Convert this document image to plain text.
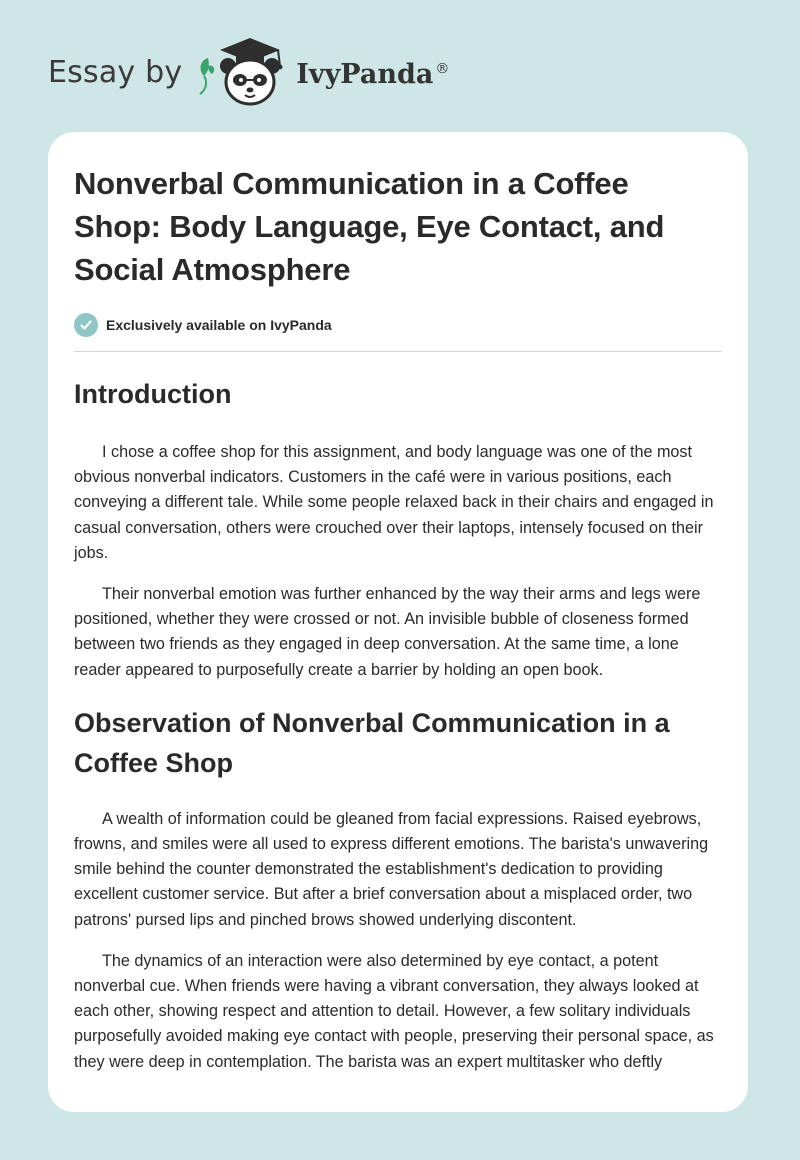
Essay by	IvyPanda ®
Nonverbal Communication in a Coffee Shop: Body Language, Eye Contact, and Social Atmosphere
Exclusively available on IvyPanda
Introduction

I chose a coffee shop for this assignment, and body language was one of the most obvious nonverbal indicators. Customers in the café were in various positions, each conveying a different tale. While some people relaxed back in their chairs and engaged in casual conversation, others were crouched over their laptops, intensely focused on their jobs.

Their nonverbal emotion was further enhanced by the way their arms and legs were positioned, whether they were crossed or not. An invisible bubble of closeness formed between two friends as they engaged in deep conversation. At the same time, a lone reader appeared to purposefully create a barrier by holding an open book.

Observation of Nonverbal Communication in a Coffee Shop

A wealth of information could be gleaned from facial expressions. Raised eyebrows, frowns, and smiles were all used to express different emotions. The barista's unwavering smile behind the counter demonstrated the establishment's dedication to providing excellent customer service. But after a brief conversation about a misplaced order, two patrons' pursed lips and pinched brows showed underlying discontent.

The dynamics of an interaction were also determined by eye contact, a potent nonverbal cue. When friends were having a vibrant conversation, they always looked at each other, showing respect and attention to detail. However, a few solitary individuals purposefully avoided making eye contact with people, preserving their personal space, as they were deep in contemplation. The barista was an expert multitasker who deftly
